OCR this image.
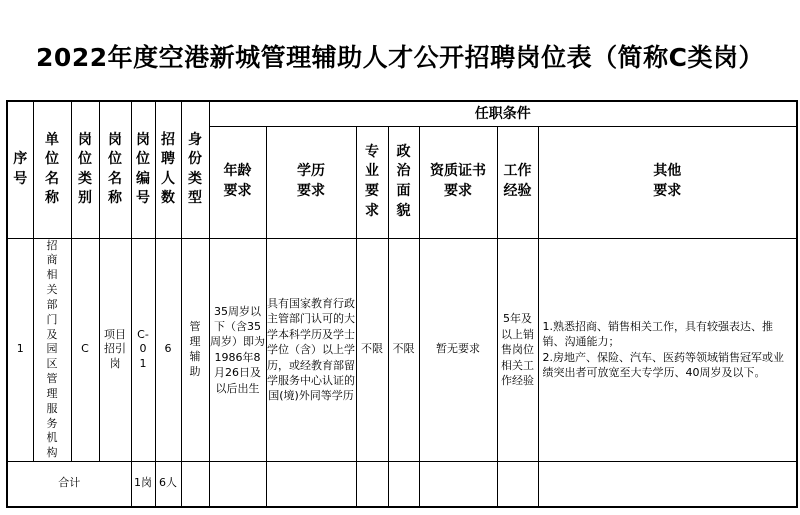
2022年度空港新城管理辅助人才公开招聘岗位表（简称C类岗）
序号	单位名称	岗位类别	岗位名称	岗位编号	招聘人数	身份类型	任职条件						
							年龄要求	学历要求	专业要求	政治面貌	资质证书要求	工作经验	其他要求
1	招商相关部门及园区管理服务机构	C	项目招引岗	C-01	6	管理辅助	35周岁以下（含35周岁）即为1986年8月26日及以后出生	具有国家教育行政主管部门认可的大学本科学历及学士学位（含）以上学历，或经教育部留学服务中心认证的国(境)外同等学历	不限	不限	暂无要求	5年及以上销售岗位相关工作经验	1.熟悉招商、销售相关工作，具有较强表达、推销、沟通能力； 2.房地产、保险、汽车、医药等领域销售冠军或业绩突出者可放宽至大专学历、40周岁及以下。
合计				1岗	6人								
